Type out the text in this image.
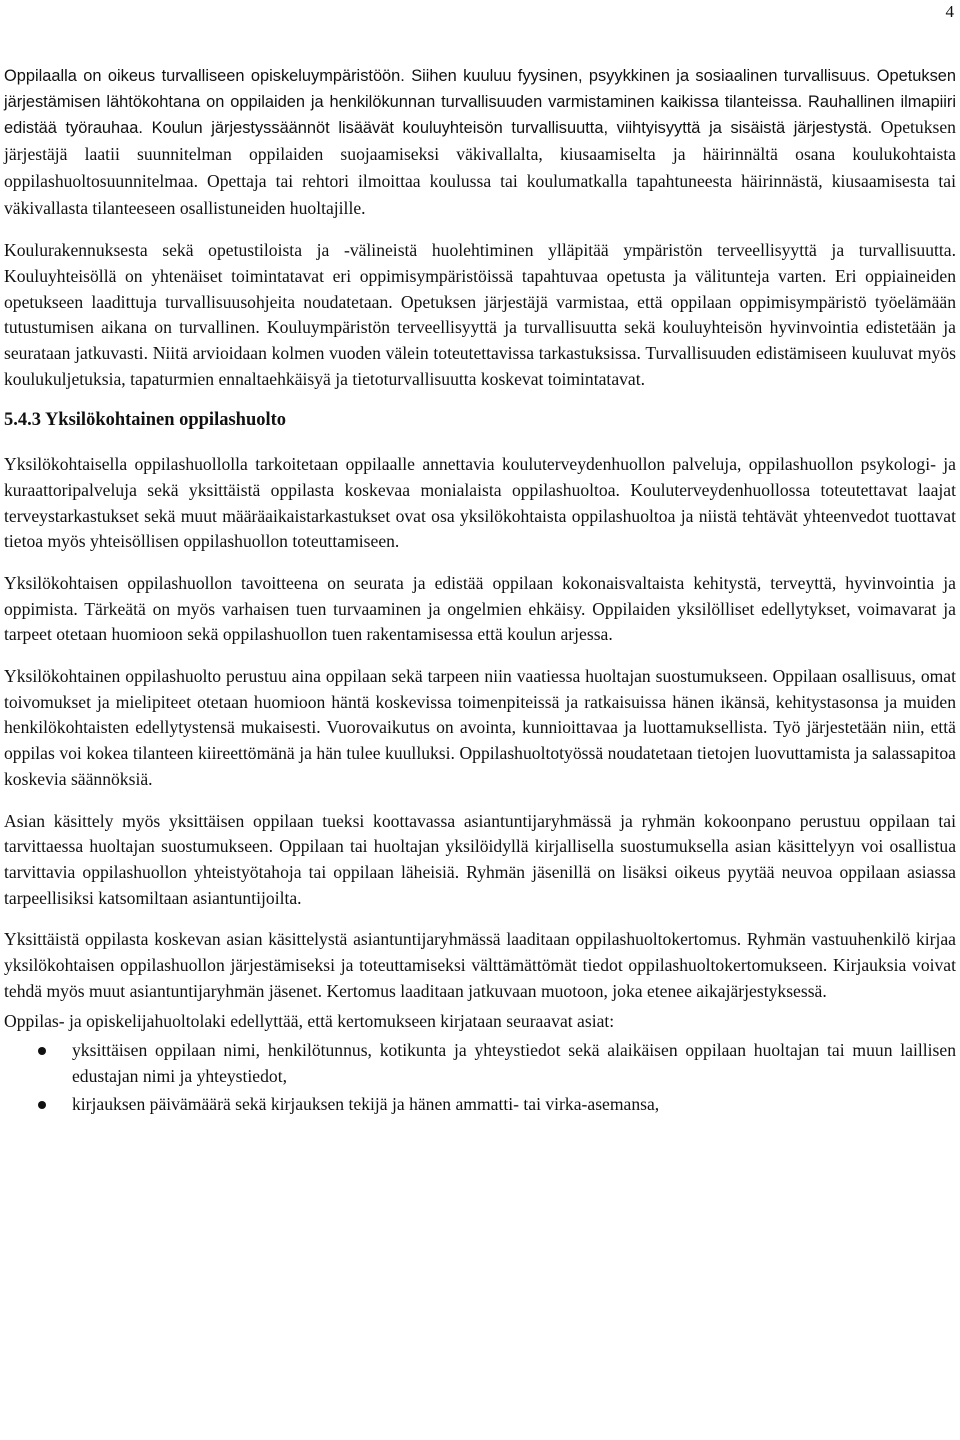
4

Oppilaalla on oikeus turvalliseen opiskeluympäristöön. Siihen kuuluu fyysinen, psyykkinen ja sosiaalinen turvallisuus. Opetuksen järjestämisen lähtökohtana on oppilaiden ja henkilökunnan turvallisuuden varmistaminen kaikissa tilanteissa. Rauhallinen ilmapiiri edistää työrauhaa. Koulun järjestyssäännöt lisäävät kouluyhteisön turvallisuutta, viihtyisyyttä ja sisäistä järjestystä. Opetuksen järjestäjä laatii suunnitelman oppilaiden suojaamiseksi väkivallalta, kiusaamiselta ja häirinnältä osana koulukohtaista oppilashuoltosuunnitelmaa. Opettaja tai rehtori ilmoittaa koulussa tai koulumatkalla tapahtuneesta häirinnästä, kiusaamisesta tai väkivallasta tilanteeseen osallistuneiden huoltajille.

Koulurakennuksesta sekä opetustiloista ja -välineistä huolehtiminen ylläpitää ympäristön terveellisyyttä ja turvallisuutta. Kouluyhteisöllä on yhtenäiset toimintatavat eri oppimisympäristöissä tapahtuvaa opetusta ja välitunteja varten. Eri oppiaineiden opetukseen laadittuja turvallisuusohjeita noudatetaan. Opetuksen järjestäjä varmistaa, että oppilaan oppimisympäristö työelämään tutustumisen aikana on turvallinen. Kouluympäristön terveellisyyttä ja turvallisuutta sekä kouluyhteisön hyvinvointia edistetään ja seurataan jatkuvasti. Niitä arvioidaan kolmen vuoden välein toteutettavissa tarkastuksissa. Turvallisuuden edistämiseen kuuluvat myös koulukuljetuksia, tapaturmien ennaltaehkäisyä ja tietoturvallisuutta koskevat toimintatavat.

5.4.3 Yksilökohtainen oppilashuolto

Yksilökohtaisella oppilashuollolla tarkoitetaan oppilaalle annettavia kouluterveydenhuollon palveluja, oppilashuollon psykologi- ja kuraattoripalveluja sekä yksittäistä oppilasta koskevaa monialaista oppilashuoltoa. Kouluterveydenhuollossa toteutettavat laajat terveystarkastukset sekä muut määräaikaistarkastukset ovat osa yksilökohtaista oppilashuoltoa ja niistä tehtävät yhteenvedot tuottavat tietoa myös yhteisöllisen oppilashuollon toteuttamiseen.

Yksilökohtaisen oppilashuollon tavoitteena on seurata ja edistää oppilaan kokonaisvaltaista kehitystä, terveyttä, hyvinvointia ja oppimista. Tärkeätä on myös varhaisen tuen turvaaminen ja ongelmien ehkäisy. Oppilaiden yksilölliset edellytykset, voimavarat ja tarpeet otetaan huomioon sekä oppilashuollon tuen rakentamisessa että koulun arjessa.

Yksilökohtainen oppilashuolto perustuu aina oppilaan sekä tarpeen niin vaatiessa huoltajan suostumukseen. Oppilaan osallisuus, omat toivomukset ja mielipiteet otetaan huomioon häntä koskevissa toimenpiteissä ja ratkaisuissa hänen ikänsä, kehitystasonsa ja muiden henkilökohtaisten edellytystensä mukaisesti. Vuorovaikutus on avointa, kunnioittavaa ja luottamuksellista. Työ järjestetään niin, että oppilas voi kokea tilanteen kiireettömänä ja hän tulee kuulluksi. Oppilashuoltotyössä noudatetaan tietojen luovuttamista ja salassapitoa koskevia säännöksiä.

Asian käsittely myös yksittäisen oppilaan tueksi koottavassa asiantuntijaryhmässä ja ryhmän kokoonpano perustuu oppilaan tai tarvittaessa huoltajan suostumukseen. Oppilaan tai huoltajan yksilöidyllä kirjallisella suostumuksella asian käsittelyyn voi osallistua tarvittavia oppilashuollon yhteistyötahoja tai oppilaan läheisiä. Ryhmän jäsenillä on lisäksi oikeus pyytää neuvoa oppilaan asiassa tarpeellisiksi katsomiltaan asiantuntijoilta.

Yksittäistä oppilasta koskevan asian käsittelystä asiantuntijaryhmässä laaditaan oppilashuoltokertomus. Ryhmän vastuuhenkilö kirjaa yksilökohtaisen oppilashuollon järjestämiseksi ja toteuttamiseksi välttämättömät tiedot oppilashuoltokertomukseen. Kirjauksia voivat tehdä myös muut asiantuntijaryhmän jäsenet. Kertomus laaditaan jatkuvaan muotoon, joka etenee aikajärjestyksessä.

Oppilas- ja opiskelijahuoltolaki edellyttää, että kertomukseen kirjataan seuraavat asiat:

yksittäisen oppilaan nimi, henkilötunnus, kotikunta ja yhteystiedot sekä alaikäisen oppilaan huoltajan tai muun laillisen edustajan nimi ja yhteystiedot,
kirjauksen päivämäärä sekä kirjauksen tekijä ja hänen ammatti- tai virka-asemansa,
